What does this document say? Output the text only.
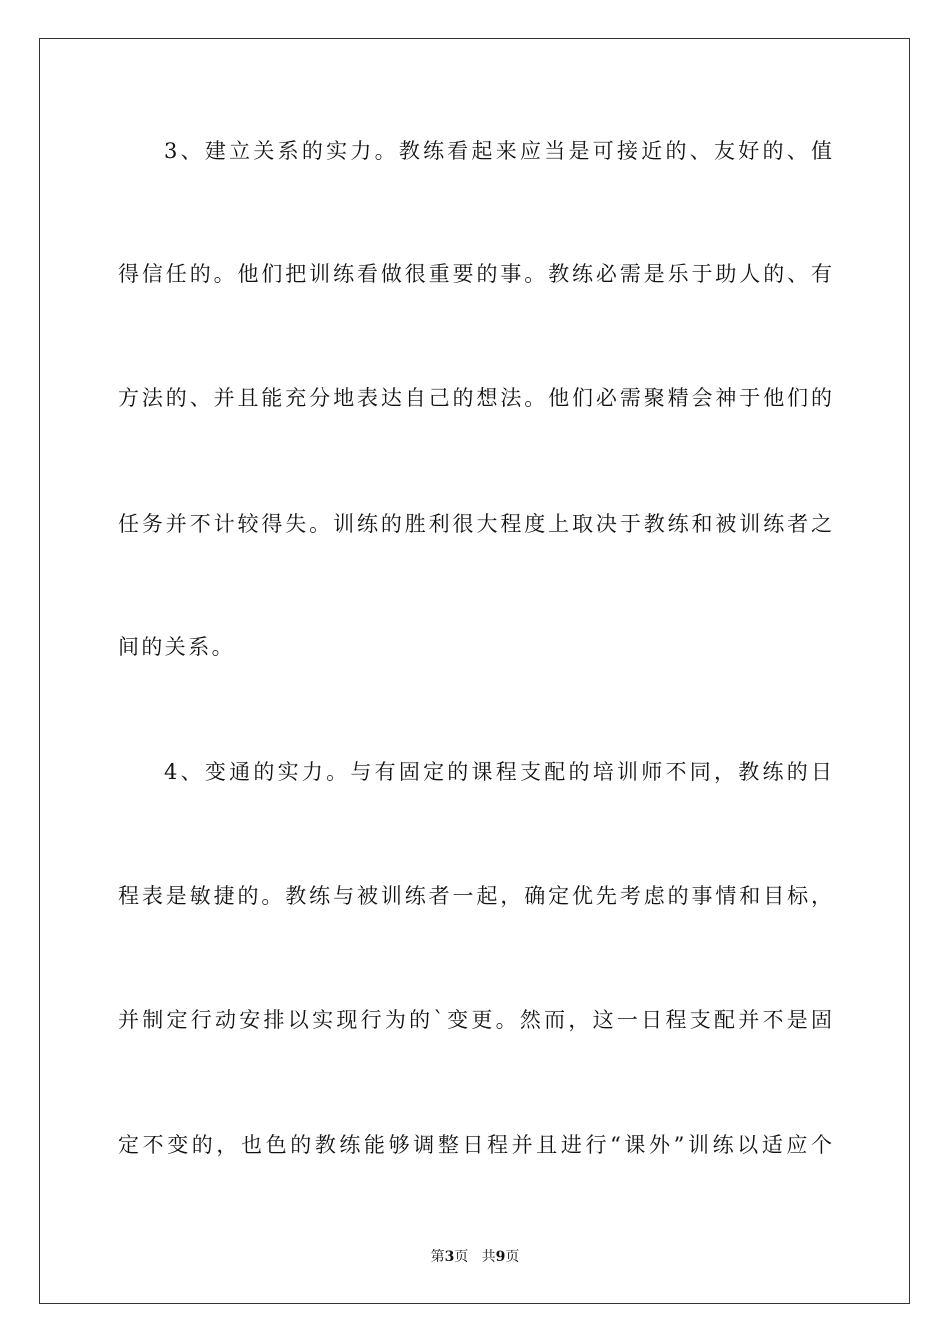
3、建立关系的实力。教练看起来应当是可接近的、友好的、值
得信任的。他们把训练看做很重要的事。教练必需是乐于助人的、有
方法的、并且能充分地表达自己的想法。他们必需聚精会神于他们的
任务并不计较得失。训练的胜利很大程度上取决于教练和被训练者之
间的关系。
4、变通的实力。与有固定的课程支配的培训师不同，教练的日
程表是敏捷的。教练与被训练者一起，确定优先考虑的事情和目标，
并制定行动安排以实现行为的`变更。然而，这一日程支配并不是固
定不变的，也色的教练能够调整日程并且进行“课外”训练以适应个
第3页   共9页
